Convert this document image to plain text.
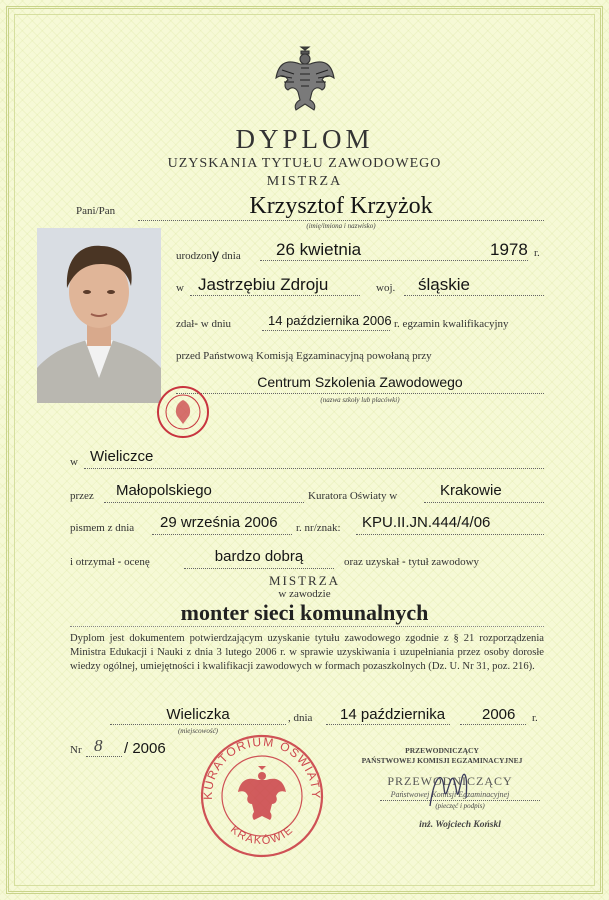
DYPLOM
UZYSKANIA TYTUŁU ZAWODOWEGO
MISTRZA
Pani/Pan	Krzysztof Krzyżok
(imię/imiona i nazwisko)
urodzony dnia 26 kwietnia	1978 r.
w Jastrzębiu Zdroju	woj. śląskie
zdał- w dniu	14 października 2006 r. egzamin kwalifikacyjny
przed Państwową Komisją Egzaminacyjną powołaną przy
Centrum Szkolenia Zawodowego
(nazwa szkoły lub placówki)
w Wieliczce
przez Małopolskiego	Kuratora Oświaty w	Krakowie
pismem z dnia 29 września 2006 r. nr/znak: KPU.II.JN.444/4/06
i otrzymał - ocenę	bardzo dobrą	oraz uzyskał - tytuł zawodowy
MISTRZA
w zawodzie
monter sieci komunalnych
Dyplom jest dokumentem potwierdzającym uzyskanie tytułu zawodowego zgodnie z § 21 rozporządzenia Ministra Edukacji i Nauki z dnia 3 lutego 2006 r. w sprawie uzyskiwania i uzupełniania przez osoby dorosłe wiedzy ogólnej, umiejętności i kwalifikacji zawodowych w formach pozaszkolnych (Dz. U. Nr 31, poz. 216).
Wieliczka
(miejscowość)
, dnia 14 października 2006 r.
Nr 8 / 2006	PRZEWODNICZĄCY
PAŃSTWOWEJ KOMISJI EGZAMINACYJNEJ
PRZEWODNICZĄCY
Państwowej Komisji Egzaminacyjnej
(pieczęć i podpis)
inż. Wojciech Końskl
KURATORIUM OŚWIATY
KRAKÓWIE
